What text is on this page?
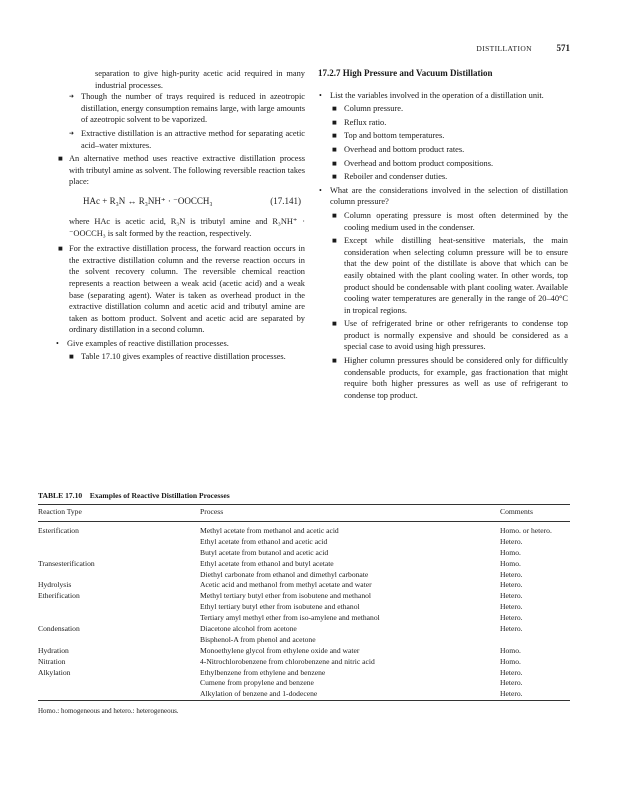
DISTILLATION	571

separation to give high-purity acetic acid required in many industrial processes.

➜ Though the number of trays required is reduced in azeotropic distillation, energy consumption remains large, with large amounts of azeotropic solvent to be vaporized.
➜ Extractive distillation is an attractive method for separating acetic acid–water mixtures.
■ An alternative method uses reactive extractive distillation process with tributyl amine as solvent. The following reversible reaction takes place:
HAc + R₃N ↔ R₃NH⁺ · ⁻OOCCH₃	(17.141)

where HAc is acetic acid, R₃N is tributyl amine and R₃NH⁺ · ⁻OOCCH₃ is salt formed by the reaction, respectively.

■ For the extractive distillation process, the forward reaction occurs in the extractive distillation column and the reverse reaction occurs in the solvent recovery column. The reversible chemical reaction represents a reaction between a weak acid (acetic acid) and a weak base (separating agent). Water is taken as overhead product in the extractive distillation column and acetic acid and tributyl amine are taken as bottom product. Solvent and acetic acid are separated by ordinary distillation in a second column.
• Give examples of reactive distillation processes.
■ Table 17.10 gives examples of reactive distillation processes.
17.2.7 High Pressure and Vacuum Distillation
• List the variables involved in the operation of a distillation unit.
■ Column pressure.
■ Reflux ratio.
■ Top and bottom temperatures.
■ Overhead and bottom product rates.
■ Overhead and bottom product compositions.
■ Reboiler and condenser duties.
• What are the considerations involved in the selection of distillation column pressure?
■ Column operating pressure is most often determined by the cooling medium used in the condenser.
■ Except while distilling heat-sensitive materials, the main consideration when selecting column pressure will be to ensure that the dew point of the distillate is above that which can be easily obtained with the plant cooling water. In other words, top product should be condensable with plant cooling water. Available cooling water temperatures are generally in the range of 20–40°C in tropical regions.
■ Use of refrigerated brine or other refrigerants to condense top product is normally expensive and should be considered as a special case to avoid using high pressures.
■ Higher column pressures should be considered only for difficultly condensable products, for example, gas fractionation that might require both higher pressures as well as use of refrigerant to condense top product.
TABLE 17.10 Examples of Reactive Distillation Processes
Reaction Type	Process	Comments
Esterification	Methyl acetate from methanol and acetic acid	Homo. or hetero.
Ethyl acetate from ethanol and acetic acid	Hetero.
Butyl acetate from butanol and acetic acid	Homo.
Transesterification	Ethyl acetate from ethanol and butyl acetate	Homo.
Diethyl carbonate from ethanol and dimethyl carbonate	Hetero.
Hydrolysis	Acetic acid and methanol from methyl acetate and water	Hetero.
Etherification	Methyl tertiary butyl ether from isobutene and methanol	Hetero.
Ethyl tertiary butyl ether from isobutene and ethanol	Hetero.
Tertiary amyl methyl ether from iso-amylene and methanol	Hetero.
Condensation	Diacetone alcohol from acetone	Hetero.
Bisphenol-A from phenol and acetone
Hydration	Monoethylene glycol from ethylene oxide and water	Homo.
Nitration	4-Nitrochlorobenzene from chlorobenzene and nitric acid	Homo.
Alkylation	Ethylbenzene from ethylene and benzene	Hetero.
Cumene from propylene and benzene	Hetero.
Alkylation of benzene and 1-dodecene	Hetero.
Homo.: homogeneous and hetero.: heterogeneous.
